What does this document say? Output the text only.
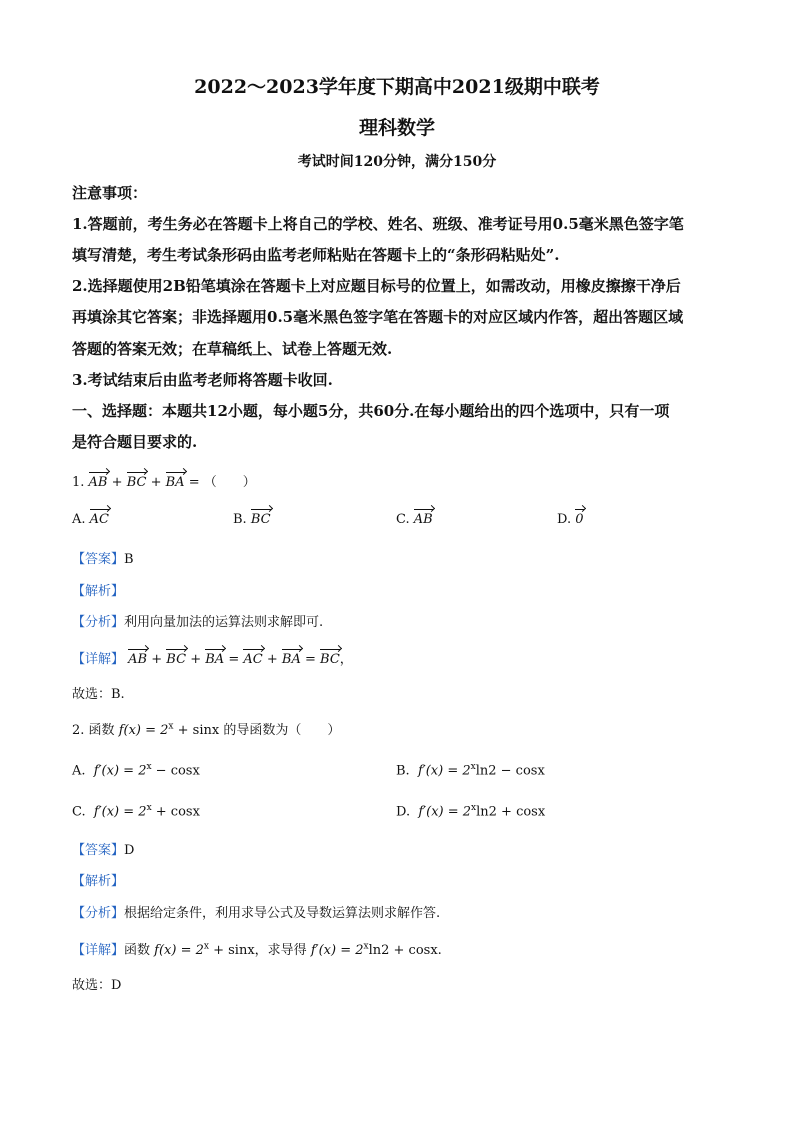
2022～2023学年度下期高中2021级期中联考
理科数学
考试时间120分钟，满分150分
注意事项：
1.答题前，考生务必在答题卡上将自己的学校、姓名、班级、准考证号用0.5毫米黑色签字笔
填写清楚，考生考试条形码由监考老师粘贴在答题卡上的“条形码粘贴处”.
2.选择题使用2B铅笔填涂在答题卡上对应题目标号的位置上，如需改动，用橡皮擦擦干净后
再填涂其它答案；非选择题用0.5毫米黑色签字笔在答题卡的对应区域内作答，超出答题区域
答题的答案无效；在草稿纸上、试卷上答题无效.
3.考试结束后由监考老师将答题卡收回.
一、选择题：本题共12小题，每小题5分，共60分.在每小题给出的四个选项中，只有一项
是符合题目要求的.
1. AB + BC + BA = （　　）
A. AC	B. BC	C. AB	D. 0
【答案】B
【解析】
【分析】利用向量加法的运算法则求解即可.
【详解】 AB + BC + BA = AC + BA = BC，
故选：B.
2. 函数 $f(x) = 2^x + \sin x$ 的导函数为（　　）
A. $f'(x) = 2^x - \cos x$	B. $f'(x) = 2^x\ln 2 - \cos x$
C. $f'(x) = 2^x + \cos x$	D. $f'(x) = 2^x\ln 2 + \cos x$
【答案】D
【解析】
【分析】根据给定条件，利用求导公式及导数运算法则求解作答.
【详解】函数 $f(x) = 2^x + \sin x$，求导得 $f'(x) = 2^x\ln 2 + \cos x$.
故选：D
